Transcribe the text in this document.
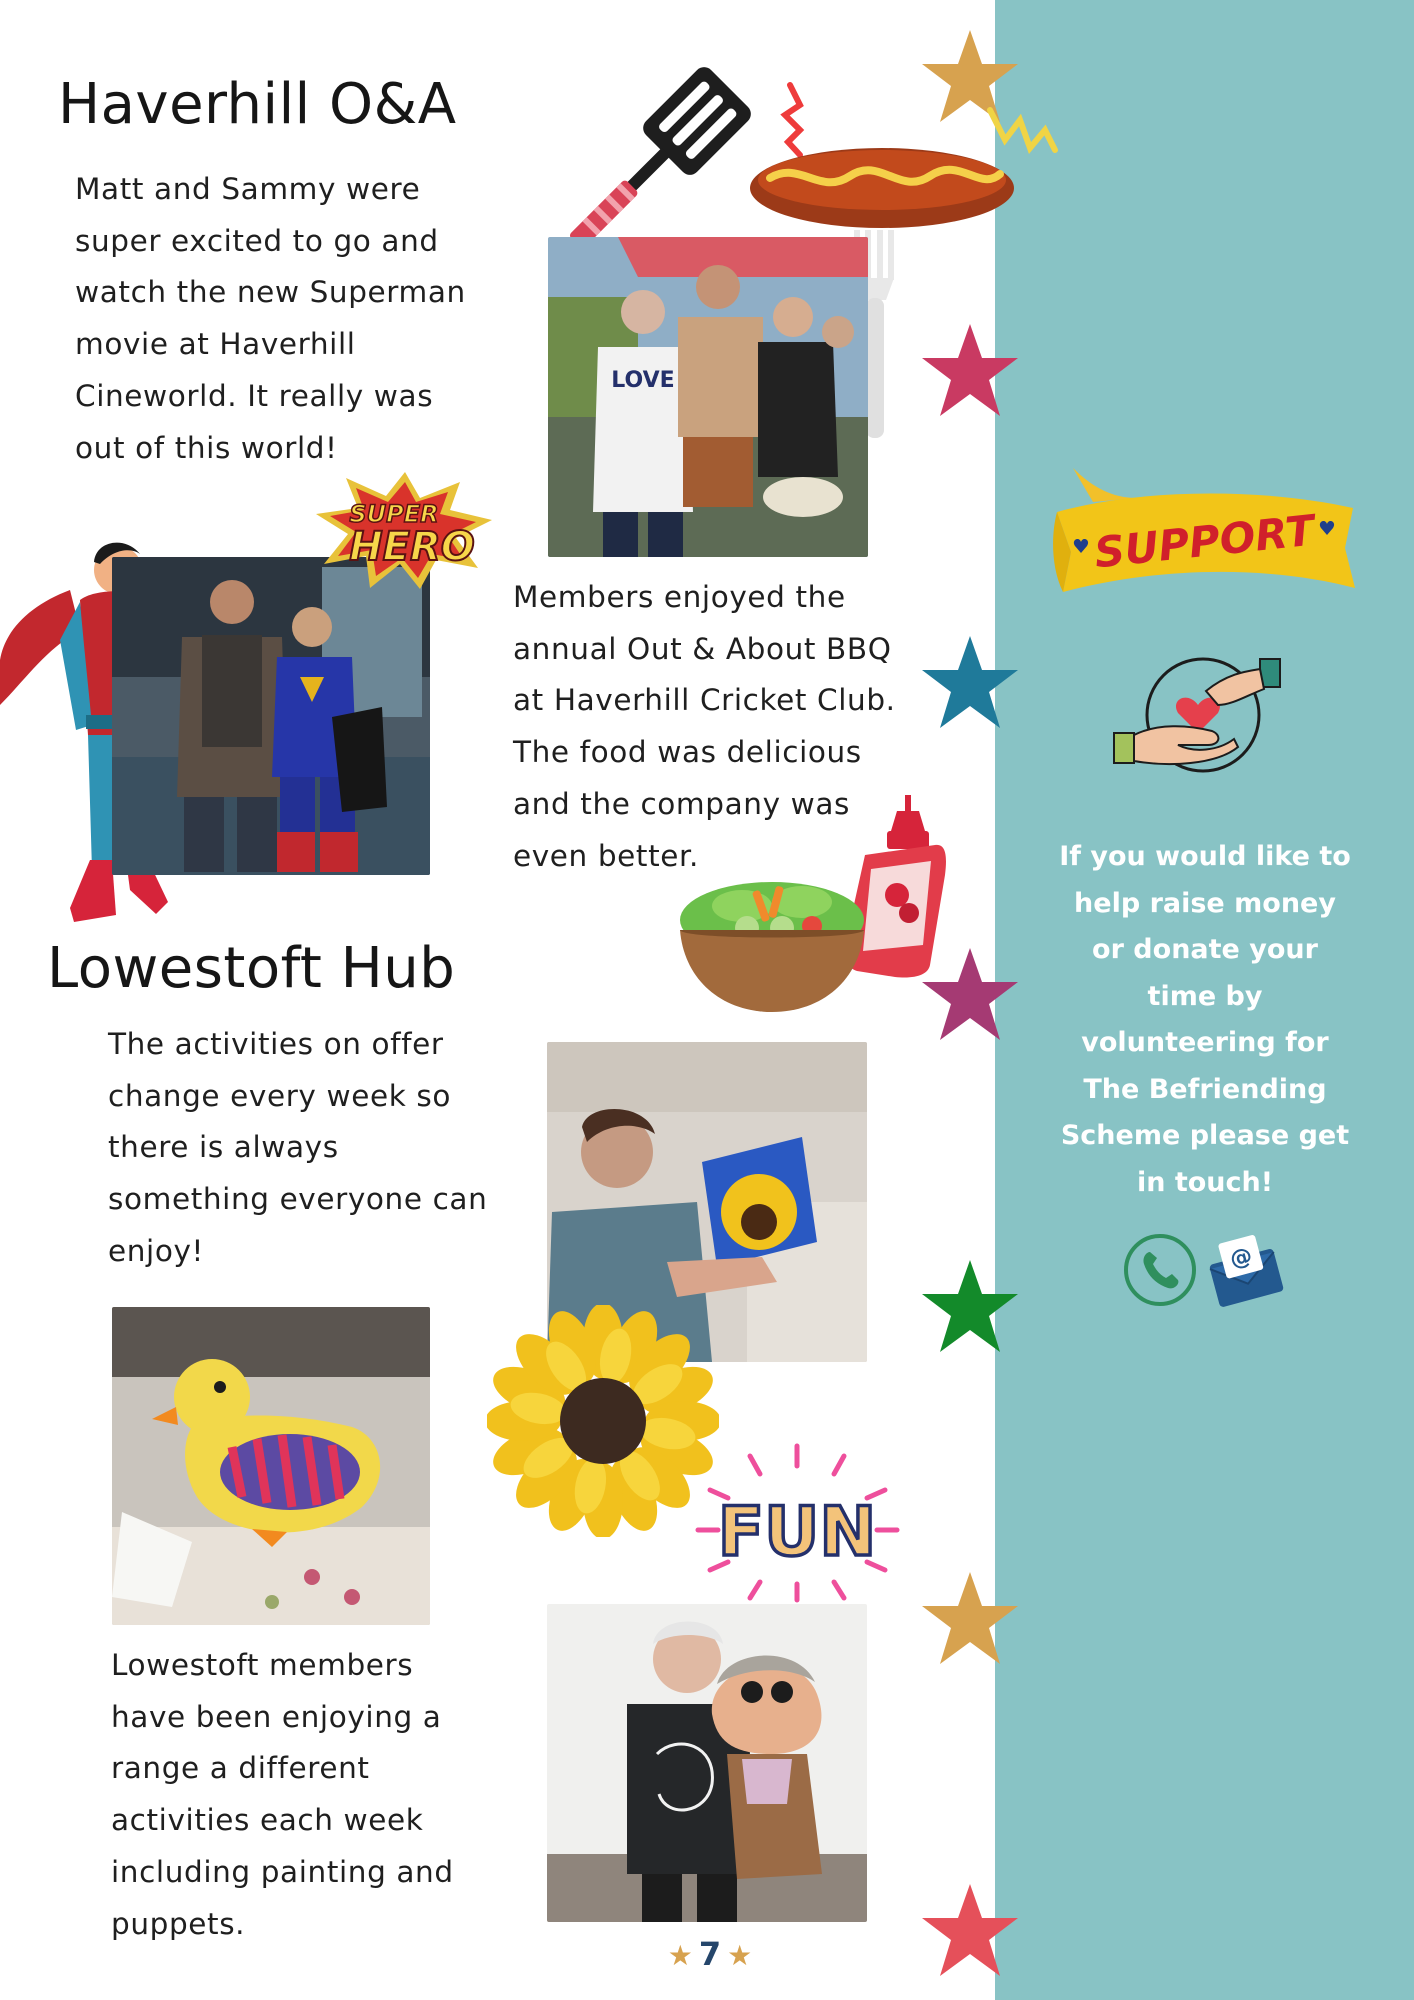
Haverhill O&A
Matt and Sammy were super excited to go and watch the new Superman movie at Haverhill Cineworld. It really was out of this world!
SUPER
HERO
LOVE
Members enjoyed the annual Out & About BBQ at Haverhill Cricket Club. The food was delicious and the company was even better.
Lowestoft Hub
The activities on offer change every week so there is always something everyone can enjoy!
FUN
Lowestoft members have been enjoying a range a different activities each week including painting and puppets.
★ 7 ★
SUPPORT
If you would like to help raise money or donate your time by volunteering for The Befriending Scheme please get in touch!
@
